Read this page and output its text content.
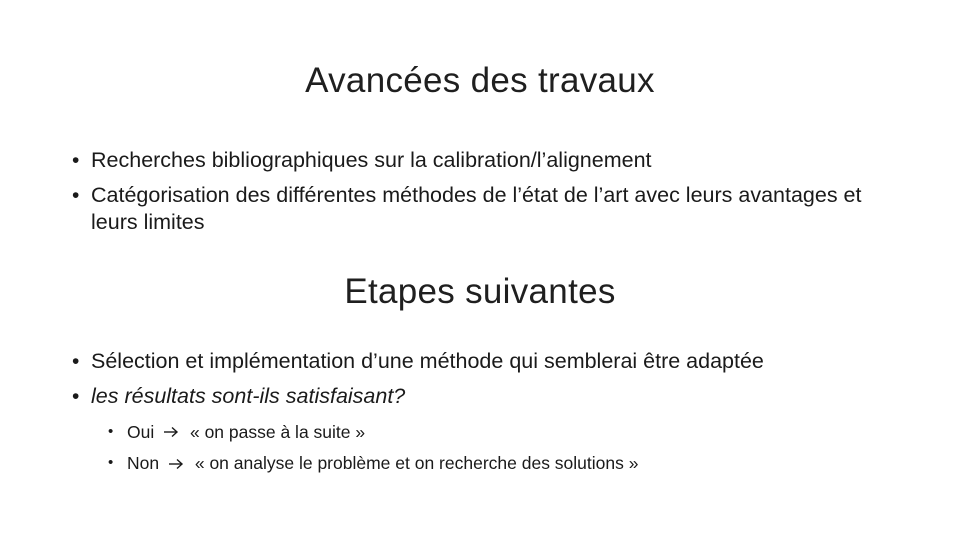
Avancées des travaux
• Recherches bibliographiques sur la calibration/l’alignement
• Catégorisation des différentes méthodes de l’état de l’art avec leurs avantages et leurs limites
Etapes suivantes
• Sélection et implémentation d’une méthode qui semblerai être adaptée
• les résultats sont-ils satisfaisant?
• Oui « on passe à la suite »
• Non « on analyse le problème et on recherche des solutions »
